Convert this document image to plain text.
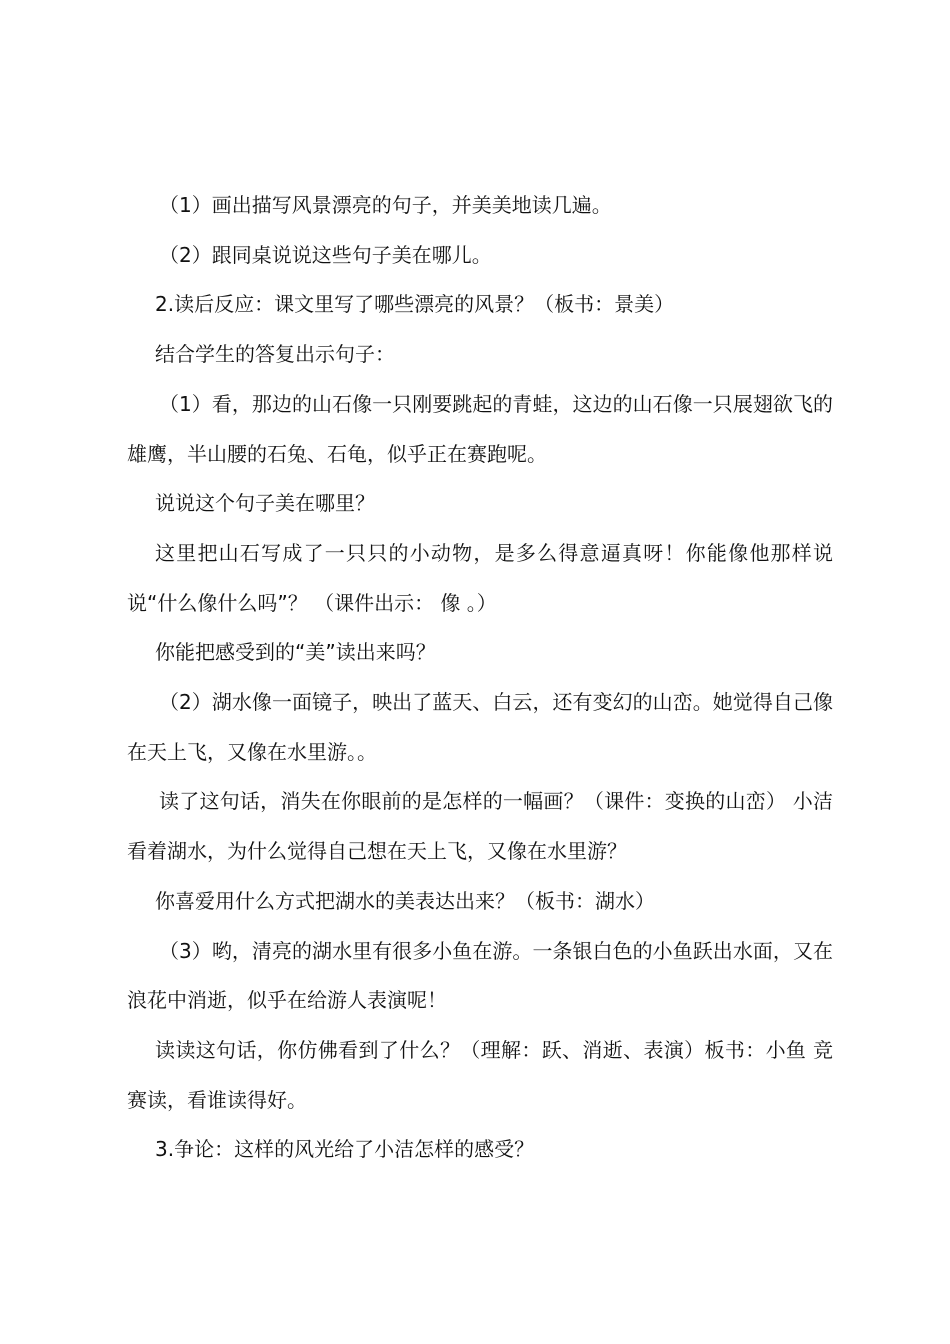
（1）画出描写风景漂亮的句子，并美美地读几遍。

（2）跟同桌说说这些句子美在哪儿。

2.读后反应：课文里写了哪些漂亮的风景？（板书：景美）

结合学生的答复出示句子：

（1）看，那边的山石像一只刚要跳起的青蛙，这边的山石像一只展翅欲飞的雄鹰，半山腰的石兔、石龟，似乎正在赛跑呢。

说说这个句子美在哪里？

这里把山石写成了一只只的小动物，是多么得意逼真呀！你能像他那样说说“什么像什么吗”？ （课件出示： 像 。）

你能把感受到的“美”读出来吗？

（2）湖水像一面镜子，映出了蓝天、白云，还有变幻的山峦。她觉得自己像在天上飞，又像在水里游。。

读了这句话，消失在你眼前的是怎样的一幅画？（课件：变换的山峦） 小洁看着湖水，为什么觉得自己想在天上飞，又像在水里游？

你喜爱用什么方式把湖水的美表达出来？（板书：湖水）

（3）哟，清亮的湖水里有很多小鱼在游。一条银白色的小鱼跃出水面，又在浪花中消逝，似乎在给游人表演呢！

读读这句话，你仿佛看到了什么？（理解：跃、消逝、表演）板书：小鱼 竞赛读，看谁读得好。

3.争论：这样的风光给了小洁怎样的感受？
